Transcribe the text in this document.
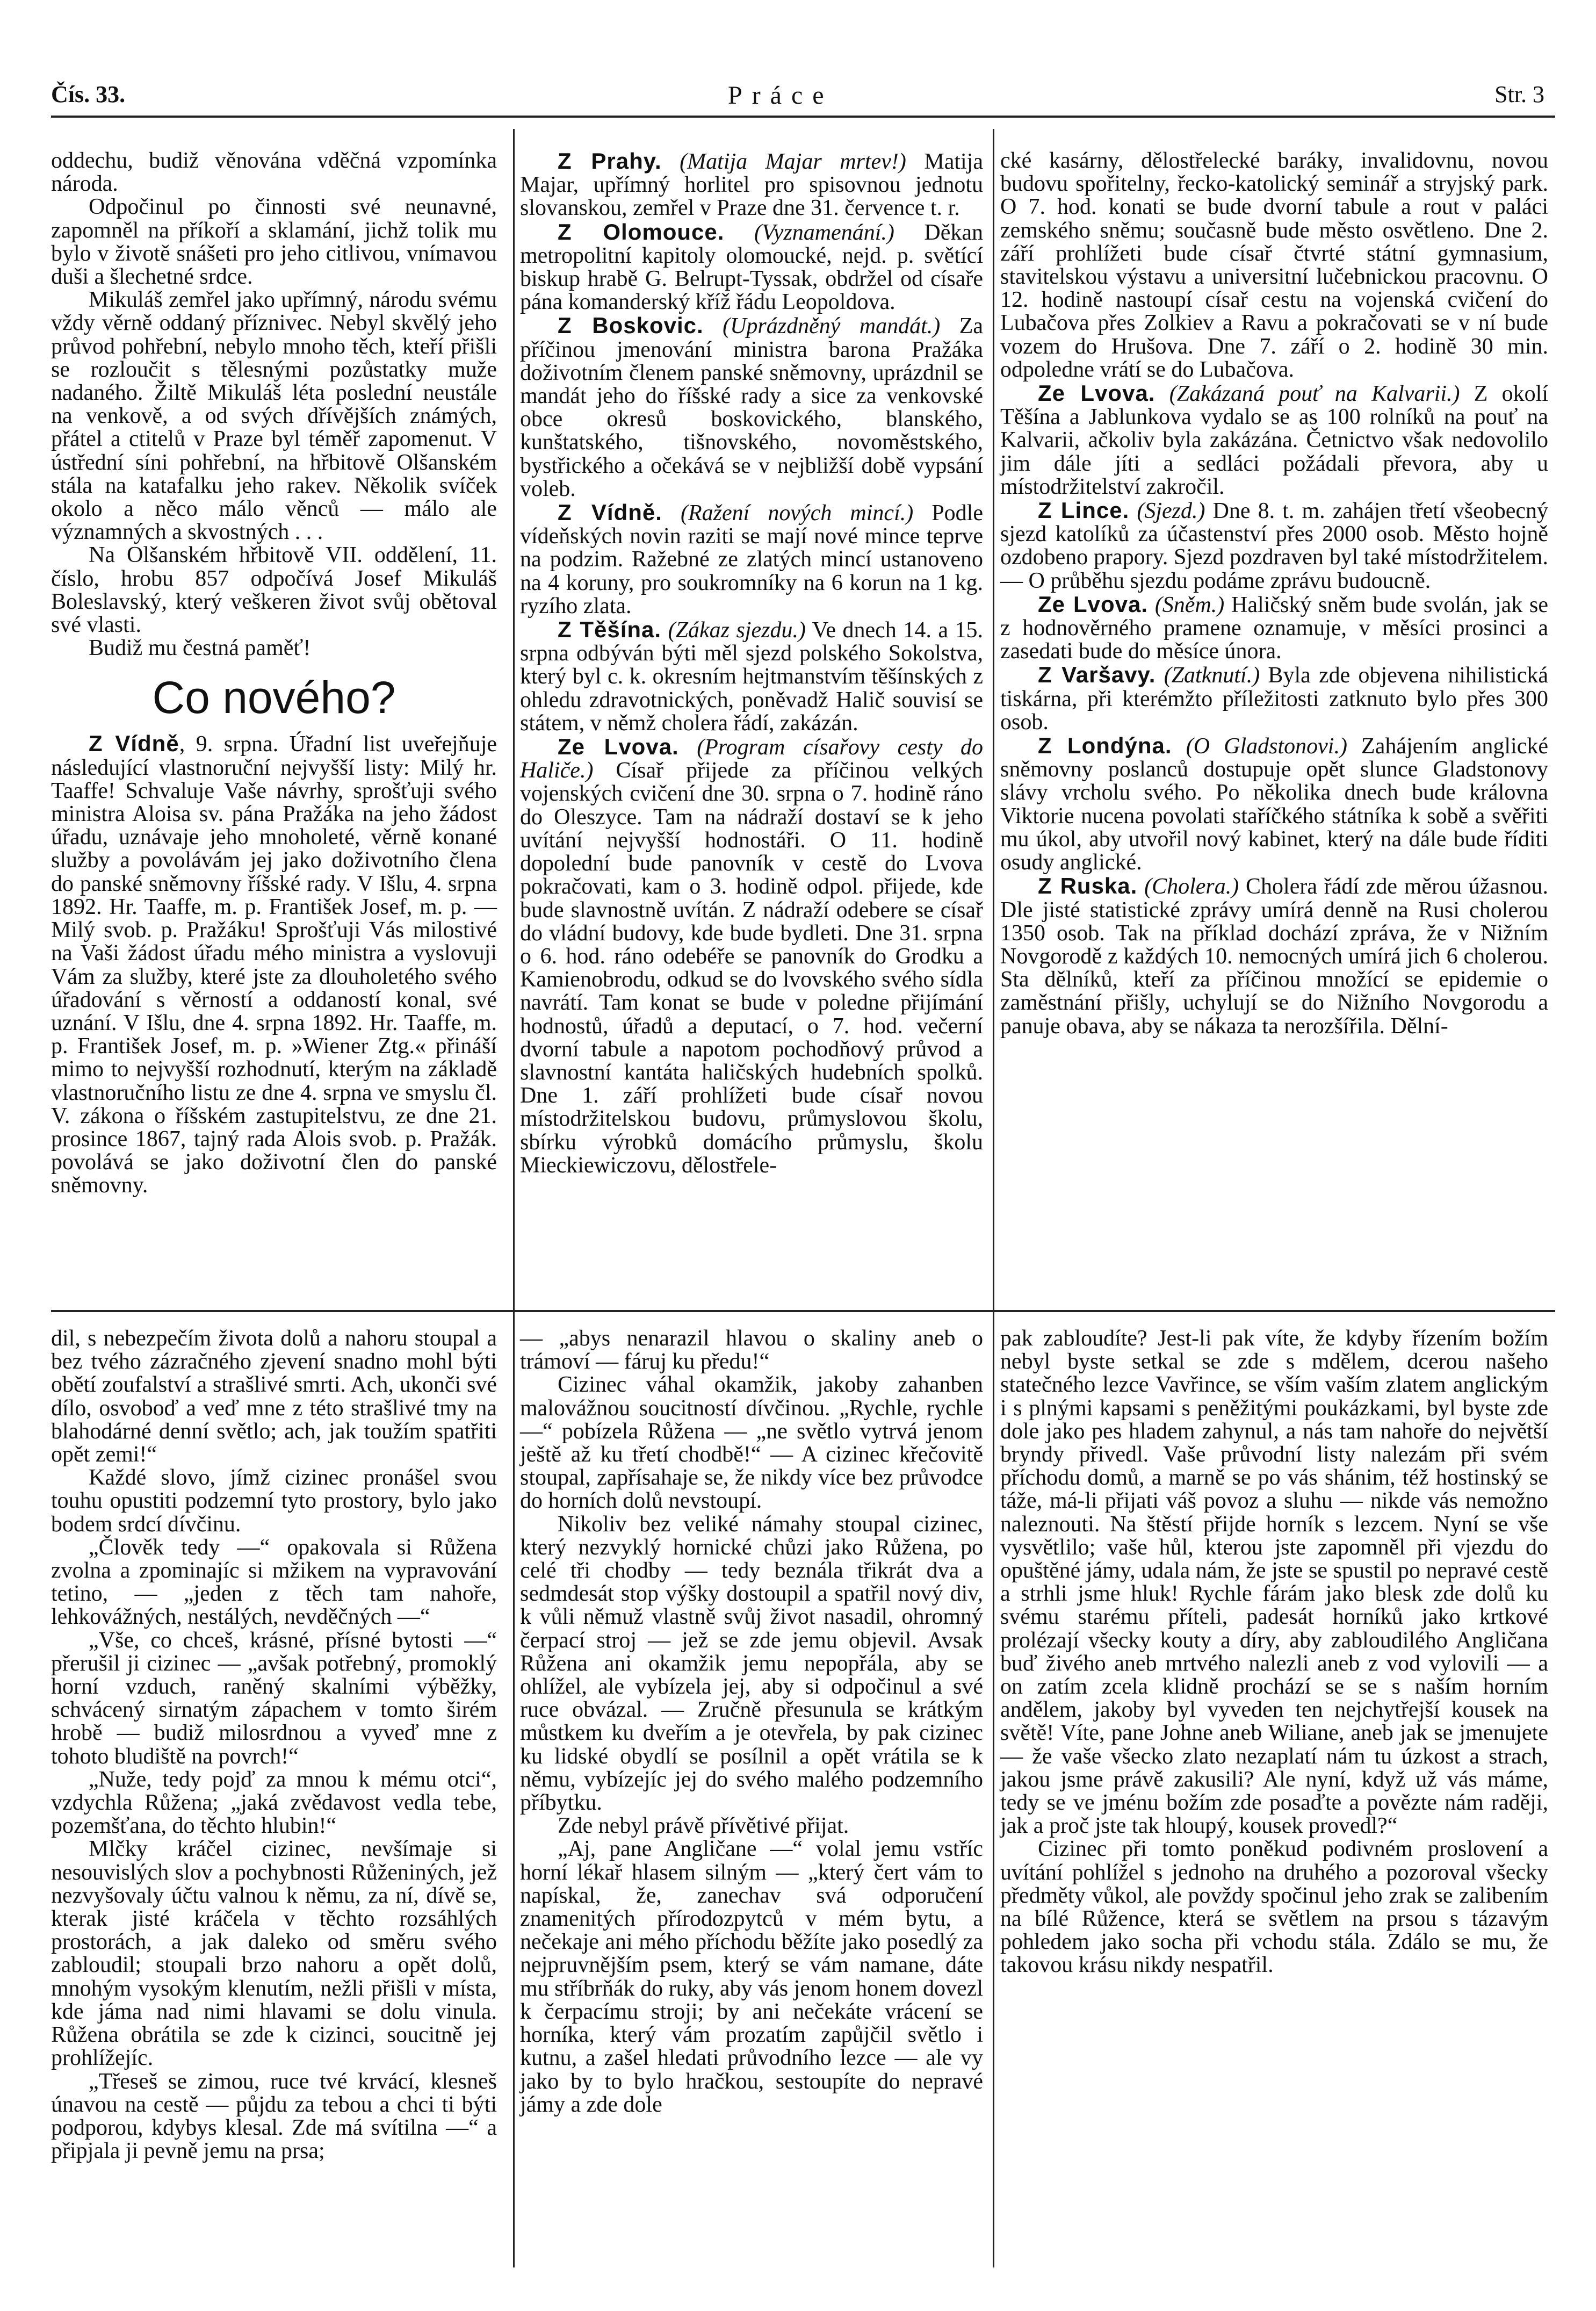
Čís. 33.	Práce	Str. 3

oddechu, budiž věnována vděčná vzpomínka národa.

Odpočinul po činnosti své neunavné, zapomněl na příkoří a sklamání, jichž tolik mu bylo v životě snášeti pro jeho citlivou, vnímavou duši a šlechetné srdce.

Mikuláš zemřel jako upřímný, národu svému vždy věrně oddaný příznivec. Nebyl skvělý jeho průvod pohřební, nebylo mnoho těch, kteří přišli se rozloučit s tělesnými pozůstatky muže nadaného. Žiltě Mikuláš léta poslední neustále na venkově, a od svých dřívějších známých, přátel a ctitelů v Praze byl téměř zapomenut. V ústřední síni pohřební, na hřbitově Olšanském stála na katafalku jeho rakev. Několik svíček okolo a něco málo věnců — málo ale významných a skvostných . . .

Na Olšanském hřbitově VII. oddělení, 11. číslo, hrobu 857 odpočívá Josef Mikuláš Boleslavský, který veškeren život svůj obětoval své vlasti.

Budiž mu čestná paměť!

Co nového?

Z Vídně, 9. srpna. Úřadní list uveřejňuje následující vlastnoruční nejvyšší listy: Milý hr. Taaffe! Schvaluje Vaše návrhy, sprošťuji svého ministra Aloisa sv. pána Pražáka na jeho žádost úřadu, uznávaje jeho mnoholeté, věrně konané služby a povolávám jej jako doživotního člena do panské sněmovny říšské rady. V Išlu, 4. srpna 1892. Hr. Taaffe, m. p. František Josef, m. p. — Milý svob. p. Pražáku! Sprošťuji Vás milostivé na Vaši žádost úřadu mého ministra a vyslovuji Vám za služby, které jste za dlouholetého svého úřadování s věrností a oddaností konal, své uznání. V Išlu, dne 4. srpna 1892. Hr. Taaffe, m. p. František Josef, m. p. »Wiener Ztg.« přináší mimo to nejvyšší rozhodnutí, kterým na základě vlastnoručního listu ze dne 4. srpna ve smyslu čl. V. zákona o říšském zastupitelstvu, ze dne 21. prosince 1867, tajný rada Alois svob. p. Pražák. povolává se jako doživotní člen do panské sněmovny.

Z Prahy. (Matija Majar mrtev!) Matija Majar, upřímný horlitel pro spisovnou jednotu slovanskou, zemřel v Praze dne 31. července t. r.

Z Olomouce. (Vyznamenání.) Děkan metropolitní kapitoly olomoucké, nejd. p. světící biskup hrabě G. Belrupt-Tyssak, obdržel od císaře pána komanderský kříž řádu Leopoldova.

Z Boskovic. (Uprázdněný mandát.) Za příčinou jmenování ministra barona Pražáka doživotním členem panské sněmovny, uprázdnil se mandát jeho do říšské rady a sice za venkovské obce okresů boskovického, blanského, kunštatského, tišnovského, novoměstského, bystřického a očekává se v nejbližší době vypsání voleb.

Z Vídně. (Ražení nových mincí.) Podle vídeňských novin raziti se mají nové mince teprve na podzim. Ražebné ze zlatých mincí ustanoveno na 4 koruny, pro soukromníky na 6 korun na 1 kg. ryzího zlata.

Z Těšína. (Zákaz sjezdu.) Ve dnech 14. a 15. srpna odbýván býti měl sjezd polského Sokolstva, který byl c. k. okresním hejtmanstvím těšínských z ohledu zdravotnických, poněvadž Halič souvisí se státem, v němž cholera řádí, zakázán.

Ze Lvova. (Program císařovy cesty do Haliče.) Císař přijede za příčinou velkých vojenských cvičení dne 30. srpna o 7. hodině ráno do Oleszyce. Tam na nádraží dostaví se k jeho uvítání nejvyšší hodnostáři. O 11. hodině dopolední bude panovník v cestě do Lvova pokračovati, kam o 3. hodině odpol. přijede, kde bude slavnostně uvítán. Z nádraží odebere se císař do vládní budovy, kde bude bydleti. Dne 31. srpna o 6. hod. ráno odebéře se panovník do Grodku a Kamienobrodu, odkud se do lvovského svého sídla navrátí. Tam konat se bude v poledne přijímání hodnostů, úřadů a deputací, o 7. hod. večerní dvorní tabule a napotom pochodňový průvod a slavnostní kantáta haličských hudebních spolků. Dne 1. září prohlížeti bude císař novou místodržitelskou budovu, průmyslovou školu, sbírku výrobků domácího průmyslu, školu Mieckiewiczovu, dělostřele-

cké kasárny, dělostřelecké baráky, invalidovnu, novou budovu spořitelny, řecko-katolický seminář a stryjský park. O 7. hod. konati se bude dvorní tabule a rout v paláci zemského sněmu; současně bude město osvětleno. Dne 2. září prohlížeti bude císař čtvrté státní gymnasium, stavitelskou výstavu a universitní lučebnickou pracovnu. O 12. hodině nastoupí císař cestu na vojenská cvičení do Lubačova přes Zolkiev a Ravu a pokračovati se v ní bude vozem do Hrušova. Dne 7. září o 2. hodině 30 min. odpoledne vrátí se do Lubačova.

Ze Lvova. (Zakázaná pouť na Kalvarii.) Z okolí Těšína a Jablunkova vydalo se as 100 rolníků na pouť na Kalvarii, ačkoliv byla zakázána. Četnictvo však nedovolilo jim dále jíti a sedláci požádali převora, aby u místodržitelství zakročil.

Z Lince. (Sjezd.) Dne 8. t. m. zahájen třetí všeobecný sjezd katolíků za účastenství přes 2000 osob. Město hojně ozdobeno prapory. Sjezd pozdraven byl také místodržitelem. — O průběhu sjezdu podáme zprávu budoucně.

Ze Lvova. (Sněm.) Haličský sněm bude svolán, jak se z hodnověrného pramene oznamuje, v měsíci prosinci a zasedati bude do měsíce února.

Z Varšavy. (Zatknutí.) Byla zde objevena nihilistická tiskárna, při kterémžto příležitosti zatknuto bylo přes 300 osob.

Z Londýna. (O Gladstonovi.) Zahájením anglické sněmovny poslanců dostupuje opět slunce Gladstonovy slávy vrcholu svého. Po několika dnech bude královna Viktorie nucena povolati staříčkého státníka k sobě a svěřiti mu úkol, aby utvořil nový kabinet, který na dále bude říditi osudy anglické.

Z Ruska. (Cholera.) Cholera řádí zde měrou úžasnou. Dle jisté statistické zprávy umírá denně na Rusi cholerou 1350 osob. Tak na příklad dochází zpráva, že v Nižním Novgorodě z každých 10. nemocných umírá jich 6 cholerou. Sta dělníků, kteří za příčinou množící se epidemie o zaměstnání přišly, uchylují se do Nižního Novgorodu a panuje obava, aby se nákaza ta nerozšířila. Dělní-

dil, s nebezpečím života dolů a nahoru stoupal a bez tvého zázračného zjevení snadno mohl býti obětí zoufalství a strašlivé smrti. Ach, ukonči své dílo, osvoboď a veď mne z této strašlivé tmy na blahodárné denní světlo; ach, jak toužím spatřiti opět zemi!“

Každé slovo, jímž cizinec pronášel svou touhu opustiti podzemní tyto prostory, bylo jako bodem srdcí dívčinu.

„Člověk tedy —“ opakovala si Růžena zvolna a zpominajíc si mžikem na vypravování tetino, — „jeden z těch tam nahoře, lehkovážných, nestálých, nevděčných —“

„Vše, co chceš, krásné, přísné bytosti —“ přerušil ji cizinec — „avšak potřebný, promoklý horní vzduch, raněný skalními výběžky, schvácený sirnatým zápachem v tomto širém hrobě — budiž milosrdnou a vyveď mne z tohoto bludiště na povrch!“

„Nuže, tedy pojď za mnou k mému otci“, vzdychla Růžena; „jaká zvědavost vedla tebe, pozemšťana, do těchto hlubin!“

Mlčky kráčel cizinec, nevšímaje si nesouvislých slov a pochybnosti Růženiných, jež nezvyšovaly účtu valnou k němu, za ní, dívě se, kterak jisté kráčela v těchto rozsáhlých prostorách, a jak daleko od směru svého zabloudil; stoupali brzo nahoru a opět dolů, mnohým vysokým klenutím, nežli přišli v místa, kde jáma nad nimi hlavami se dolu vinula. Růžena obrátila se zde k cizinci, soucitně jej prohlížejíc.

„Třeseš se zimou, ruce tvé krvácí, klesneš únavou na cestě — půjdu za tebou a chci ti býti podporou, kdybys klesal. Zde má svítilna —“ a připjala ji pevně jemu na prsa;

— „abys nenarazil hlavou o skaliny aneb o trámoví — fáruj ku předu!“

Cizinec váhal okamžik, jakoby zahanben malovážnou soucitností dívčinou. „Rychle, rychle —“ pobízela Růžena — „ne světlo vytrvá jenom ještě až ku třetí chodbě!“ — A cizinec křečovitě stoupal, zapřísahaje se, že nikdy více bez průvodce do horních dolů nevstoupí.

Nikoliv bez veliké námahy stoupal cizinec, který nezvyklý hornické chůzi jako Růžena, po celé tři chodby — tedy beznála třikrát dva a sedmdesát stop výšky dostoupil a spatřil nový div, k vůli němuž vlastně svůj život nasadil, ohromný čerpací stroj — jež se zde jemu objevil. Avsak Růžena ani okamžik jemu nepopřála, aby se ohlížel, ale vybízela jej, aby si odpočinul a své ruce obvázal. — Zručně přesunula se krátkým můstkem ku dveřím a je otevřela, by pak cizinec ku lidské obydlí se posílnil a opět vrátila se k němu, vybízejíc jej do svého malého podzemního příbytku.

Zde nebyl právě přívětivé přijat.

„Aj, pane Angličane —“ volal jemu vstříc horní lékař hlasem silným — „který čert vám to napískal, že, zanechav svá odporučení znamenitých přírodozpytců v mém bytu, a nečekaje ani mého příchodu běžíte jako posedlý za nejpruvnějším psem, který se vám namane, dáte mu stříbrňák do ruky, aby vás jenom honem dovezl k čerpacímu stroji; by ani nečekáte vrácení se horníka, který vám prozatím zapůjčil světlo i kutnu, a zašel hledati průvodního lezce — ale vy jako by to bylo hračkou, sestoupíte do nepravé jámy a zde dole

pak zabloudíte? Jest-li pak víte, že kdyby řízením božím nebyl byste setkal se zde s mdělem, dcerou našeho statečného lezce Vavřince, se vším vaším zlatem anglickým i s plnými kapsami s peněžitými poukázkami, byl byste zde dole jako pes hladem zahynul, a nás tam nahoře do největší bryndy přivedl. Vaše průvodní listy nalezám při svém příchodu domů, a marně se po vás shánim, též hostinský se táže, má-li přijati váš povoz a sluhu — nikde vás nemožno naleznouti. Na štěstí přijde horník s lezcem. Nyní se vše vysvětlilo; vaše hůl, kterou jste zapomněl při vjezdu do opuštěné jámy, udala nám, že jste se spustil po nepravé cestě a strhli jsme hluk! Rychle fárám jako blesk zde dolů ku svému starému příteli, padesát horníků jako krtkové prolézají všecky kouty a díry, aby zabloudilého Angličana buď živého aneb mrtvého nalezli aneb z vod vylovili — a on zatím zcela klidně prochází se se s naším horním andělem, jakoby byl vyveden ten nejchytřejší kousek na světě! Víte, pane Johne aneb Wiliane, aneb jak se jmenujete — že vaše všecko zlato nezaplatí nám tu úzkost a strach, jakou jsme právě zakusili? Ale nyní, když už vás máme, tedy se ve jménu božím zde posaďte a povězte nám raději, jak a proč jste tak hloupý, kousek provedl?“

Cizinec při tomto poněkud podivném proslovení a uvítání pohlížel s jednoho na druhého a pozoroval všecky předměty vůkol, ale povždy spočinul jeho zrak se zalibením na bílé Růžence, která se světlem na prsou s tázavým pohledem jako socha při vchodu stála. Zdálo se mu, že takovou krásu nikdy nespatřil.
